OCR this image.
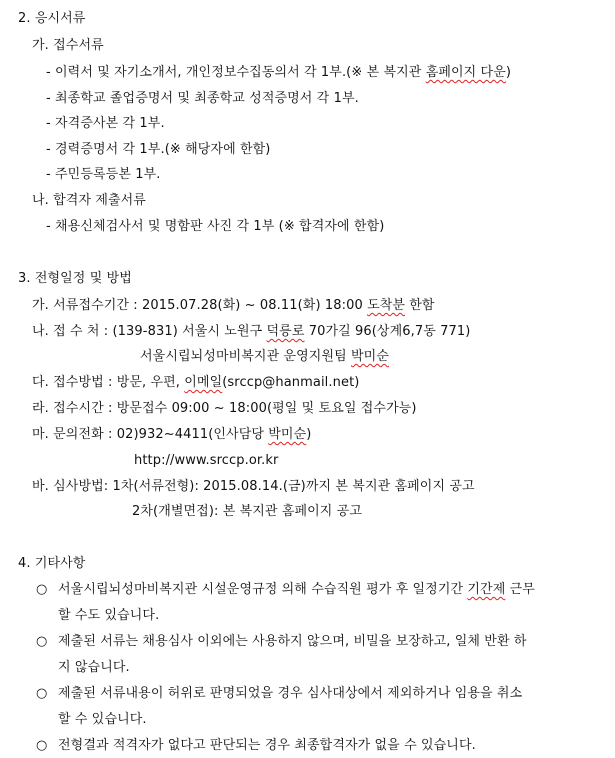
2. 응시서류
가. 접수서류
- 이력서 및 자기소개서, 개인정보수집동의서 각 1부.(※ 본 복지관 홈페이지 다운)
- 최종학교 졸업증명서 및 최종학교 성적증명서 각 1부.
- 자격증사본 각 1부.
- 경력증명서 각 1부.(※ 해당자에 한함)
- 주민등록등본 1부.
나. 합격자 제출서류
- 채용신체검사서 및 명함판 사진 각 1부 (※ 합격자에 한함)
3. 전형일정 및 방법
가. 서류접수기간 : 2015.07.28(화) ~ 08.11(화) 18:00 도착분 한함
나. 접 수 처 : (139-831) 서울시 노원구 덕릉로 70가길 96(상계6,7동 771)
서울시립뇌성마비복지관 운영지원팀 박미순
다. 접수방법 : 방문, 우편, 이메일(srccp@hanmail.net)
라. 접수시간 : 방문접수 09:00 ~ 18:00(평일 및 토요일 접수가능)
마. 문의전화 : 02)932~4411(인사담당 박미순)
http://www.srccp.or.kr
바. 심사방법: 1차(서류전형): 2015.08.14.(금)까지 본 복지관 홈페이지 공고
2차(개별면접): 본 복지관 홈페이지 공고
4. 기타사항
○ 서울시립뇌성마비복지관 시설운영규정 의해 수습직원 평가 후 일정기간 기간제 근무
할 수도 있습니다.
○ 제출된 서류는 채용심사 이외에는 사용하지 않으며, 비밀을 보장하고, 일체 반환 하
지 않습니다.
○ 제출된 서류내용이 허위로 판명되었을 경우 심사대상에서 제외하거나 임용을 취소
할 수 있습니다.
○ 전형결과 적격자가 없다고 판단되는 경우 최종합격자가 없을 수 있습니다.
